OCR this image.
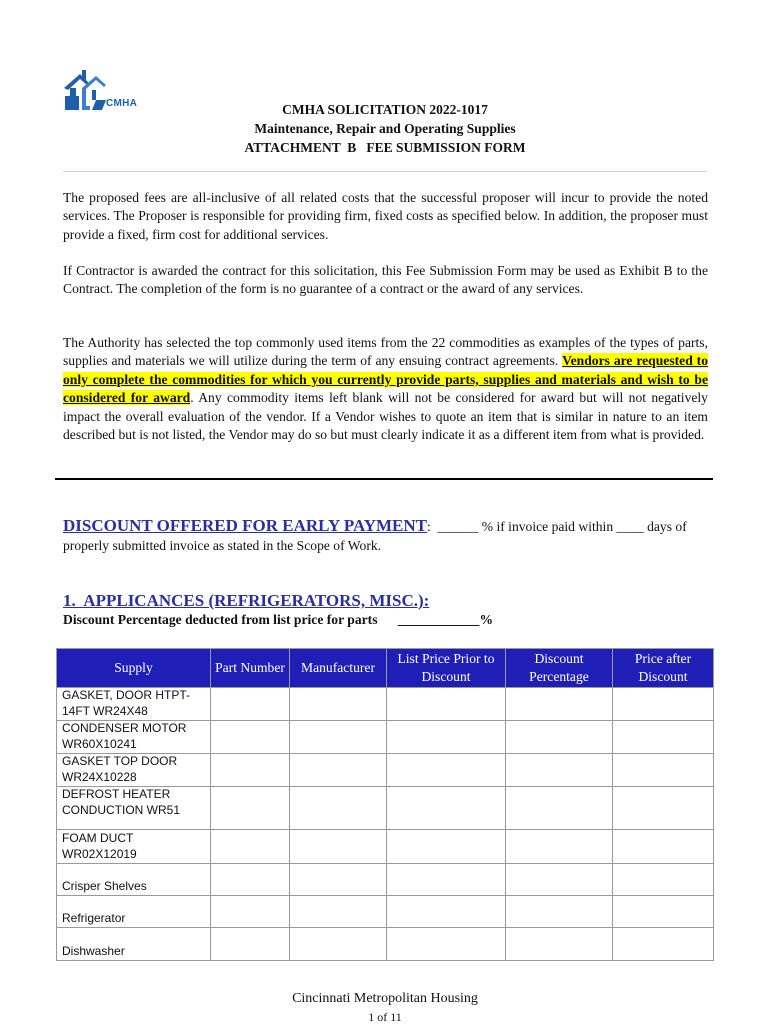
CMHA	CMHA SOLICITATION 2022-1017
Maintenance, Repair and Operating Supplies
ATTACHMENT  B   FEE SUBMISSION FORM
The proposed fees are all-inclusive of all related costs that the successful proposer will incur to provide the noted services. The Proposer is responsible for providing firm, fixed costs as specified below. In addition, the proposer must provide a fixed, firm cost for additional services.
If Contractor is awarded the contract for this solicitation, this Fee Submission Form may be used as Exhibit B to the Contract. The completion of the form is no guarantee of a contract or the award of any services.
The Authority has selected the top commonly used items from the 22 commodities as examples of the types of parts, supplies and materials we will utilize during the term of any ensuing contract agreements. Vendors are requested to only complete the commodities for which you currently provide parts, supplies and materials and wish to be considered for award. Any commodity items left blank will not be considered for award but will not negatively impact the overall evaluation of the vendor. If a Vendor wishes to quote an item that is similar in nature to an item described but is not listed, the Vendor may do so but must clearly indicate it as a different item from what is provided.
DISCOUNT OFFERED FOR EARLY PAYMENT:  ______ % if invoice paid within ____ days of properly submitted invoice as stated in the Scope of Work.
1.  APPLICANCES (REFRIGERATORS, MISC.):
Discount Percentage deducted from list price for parts      ____________%
Supply	Part Number	Manufacturer	List Price Prior to Discount	Discount Percentage	Price after Discount
GASKET, DOOR HTPT-14FT WR24X48					
CONDENSER MOTOR WR60X10241					
GASKET TOP DOOR WR24X10228					
DEFROST HEATER CONDUCTION WR51					
FOAM DUCT WR02X12019					
Crisper Shelves					
Refrigerator					
Dishwasher					
Cincinnati Metropolitan Housing
1 of 11
